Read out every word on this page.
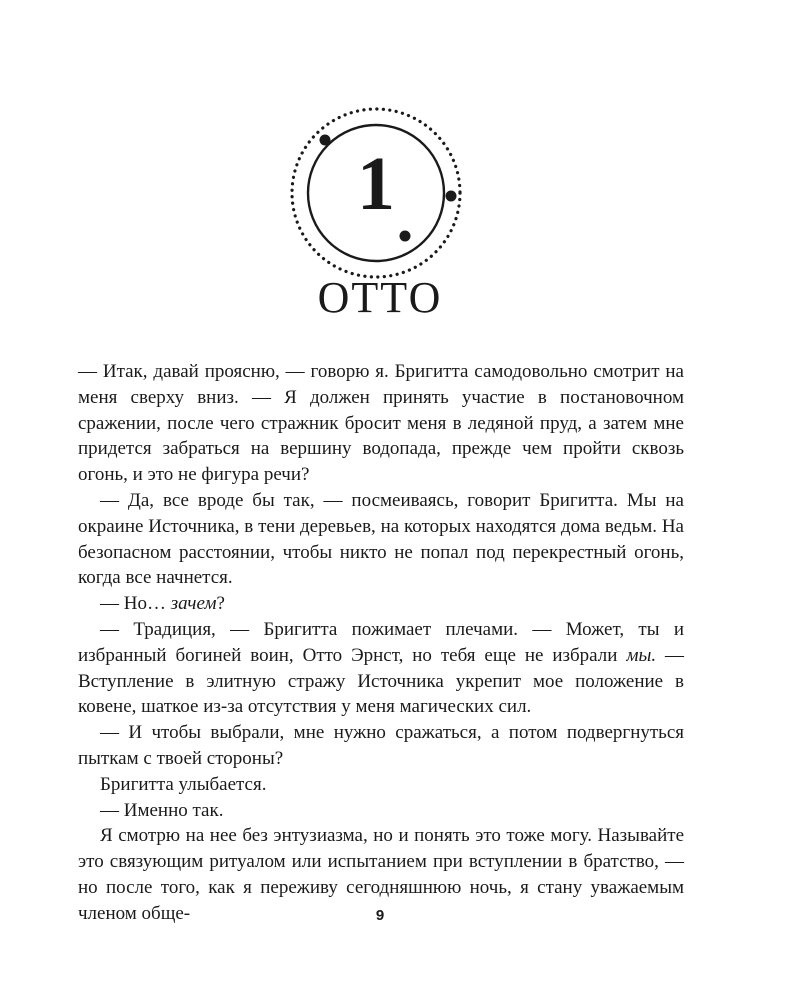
1
ОТТО

— Итак, давай проясню, — говорю я. Бригитта самодовольно смотрит на меня сверху вниз. — Я должен принять участие в постановочном сражении, после чего стражник бросит меня в ледяной пруд, а затем мне придется забраться на вершину водопада, прежде чем пройти сквозь огонь, и это не фигура речи?

— Да, все вроде бы так, — посмеиваясь, говорит Бригитта. Мы на окраине Источника, в тени деревьев, на которых находятся дома ведьм. На безопасном расстоянии, чтобы никто не попал под перекрестный огонь, когда все начнется.

— Но… зачем?

— Традиция, — Бригитта пожимает плечами. — Может, ты и избранный богиней воин, Отто Эрнст, но тебя еще не избрали мы. — Вступление в элитную стражу Источника укрепит мое положение в ковене, шаткое из-за отсутствия у меня магических сил.

— И чтобы выбрали, мне нужно сражаться, а потом подвергнуться пыткам с твоей стороны?

Бригитта улыбается.

— Именно так.

Я смотрю на нее без энтузиазма, но и понять это тоже могу. Называйте это связующим ритуалом или испытанием при вступлении в братство, — но после того, как я переживу сегодняшнюю ночь, я стану уважаемым членом обще-	9
